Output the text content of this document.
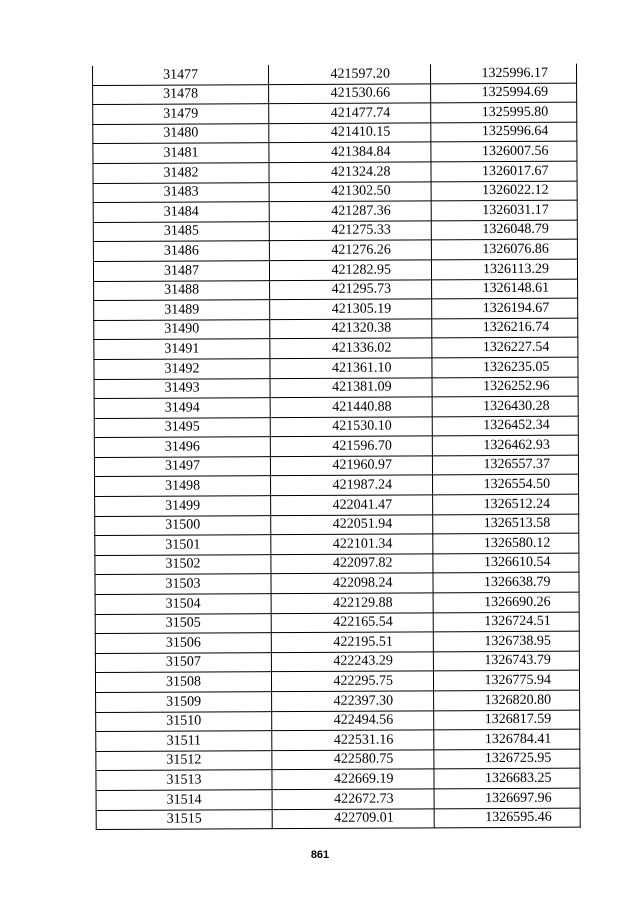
31477	421597.20	1325996.17
31478	421530.66	1325994.69
31479	421477.74	1325995.80
31480	421410.15	1325996.64
31481	421384.84	1326007.56
31482	421324.28	1326017.67
31483	421302.50	1326022.12
31484	421287.36	1326031.17
31485	421275.33	1326048.79
31486	421276.26	1326076.86
31487	421282.95	1326113.29
31488	421295.73	1326148.61
31489	421305.19	1326194.67
31490	421320.38	1326216.74
31491	421336.02	1326227.54
31492	421361.10	1326235.05
31493	421381.09	1326252.96
31494	421440.88	1326430.28
31495	421530.10	1326452.34
31496	421596.70	1326462.93
31497	421960.97	1326557.37
31498	421987.24	1326554.50
31499	422041.47	1326512.24
31500	422051.94	1326513.58
31501	422101.34	1326580.12
31502	422097.82	1326610.54
31503	422098.24	1326638.79
31504	422129.88	1326690.26
31505	422165.54	1326724.51
31506	422195.51	1326738.95
31507	422243.29	1326743.79
31508	422295.75	1326775.94
31509	422397.30	1326820.80
31510	422494.56	1326817.59
31511	422531.16	1326784.41
31512	422580.75	1326725.95
31513	422669.19	1326683.25
31514	422672.73	1326697.96
31515	422709.01	1326595.46
861
